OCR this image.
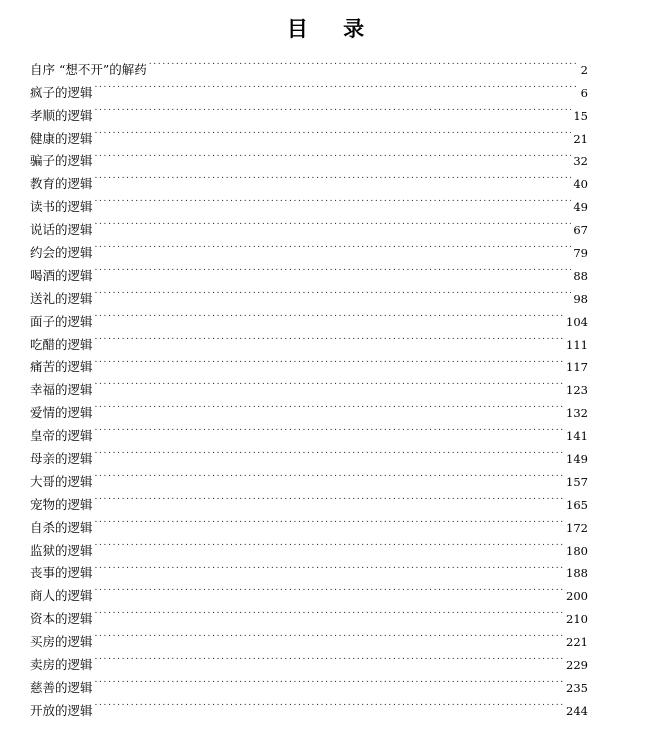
目 录
自序 “想不开”的解药 . . .	2
疯子的逻辑 . . .	6
孝顺的逻辑 . . .	15
健康的逻辑 . . .	21
骗子的逻辑 . . .	32
教育的逻辑 . . .	40
读书的逻辑 . . .	49
说话的逻辑 . . .	67
约会的逻辑 . . .	79
喝酒的逻辑 . . .	88
送礼的逻辑 . . .	98
面子的逻辑 . . .	104
吃醋的逻辑 . . .	111
痛苦的逻辑 . . .	117
幸福的逻辑 . . .	123
爱情的逻辑 . . .	132
皇帝的逻辑 . . .	141
母亲的逻辑 . . .	149
大哥的逻辑 . . .	157
宠物的逻辑 . . .	165
自杀的逻辑 . . .	172
监狱的逻辑 . . .	180
丧事的逻辑 . . .	188
商人的逻辑 . . .	200
资本的逻辑 . . .	210
买房的逻辑 . . .	221
卖房的逻辑 . . .	229
慈善的逻辑 . . .	235
开放的逻辑 . . .	244
